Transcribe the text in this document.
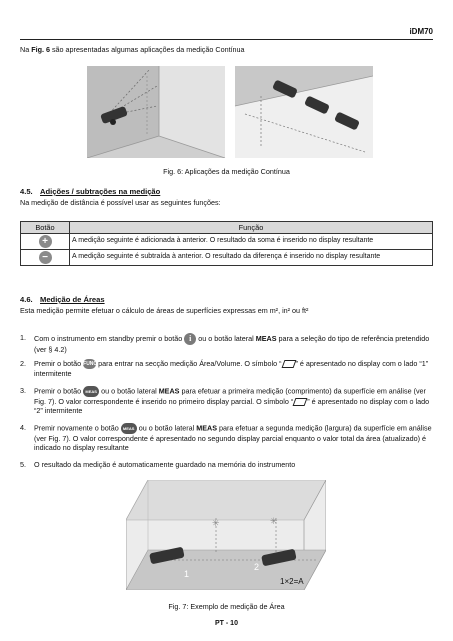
iDM70
Na Fig. 6 são apresentadas algumas aplicações da medição Contínua
Fig. 6: Aplicações da medição Contínua
4.5. Adições / subtrações na medição
Na medição de distância é possível usar as seguintes funções:
Botão	Função
+	A medição seguinte é adicionada à anterior. O resultado da soma é inserido no display resultante
−	A medição seguinte é subtraída à anterior. O resultado da diferença é inserido no display resultante
4.6. Medição de Áreas
Esta medição permite efetuar o cálculo de áreas de superfícies expressas em m², in² ou ft²
1. Com o instrumento em standby premir o botão i ou o botão lateral MEAS para a seleção do tipo de referência pretendido (ver § 4.2)
2. Premir o botão FUNC para entrar na secção medição Área/Volume. O símbolo “ ” é apresentado no display com o lado “1” intermitente
3. Premir o botão MEAS ou o botão lateral MEAS para efetuar a primeira medição (comprimento) da superfície em análise (ver Fig. 7). O valor correspondente é inserido no primeiro display parcial. O símbolo “ ” é apresentado no display com o lado “2” intermitente
4. Premir novamente o botão MEAS ou o botão lateral MEAS para efetuar a segunda medição (largura) da superfície em análise (ver Fig. 7). O valor correspondente é apresentado no segundo display parcial enquanto o valor total da área (atualizado) é indicado no display resultante
5. O resultado da medição é automaticamente guardado na memória do instrumento
✳	✳
1
2
1×2=A
Fig. 7: Exemplo de medição de Área
PT - 10
